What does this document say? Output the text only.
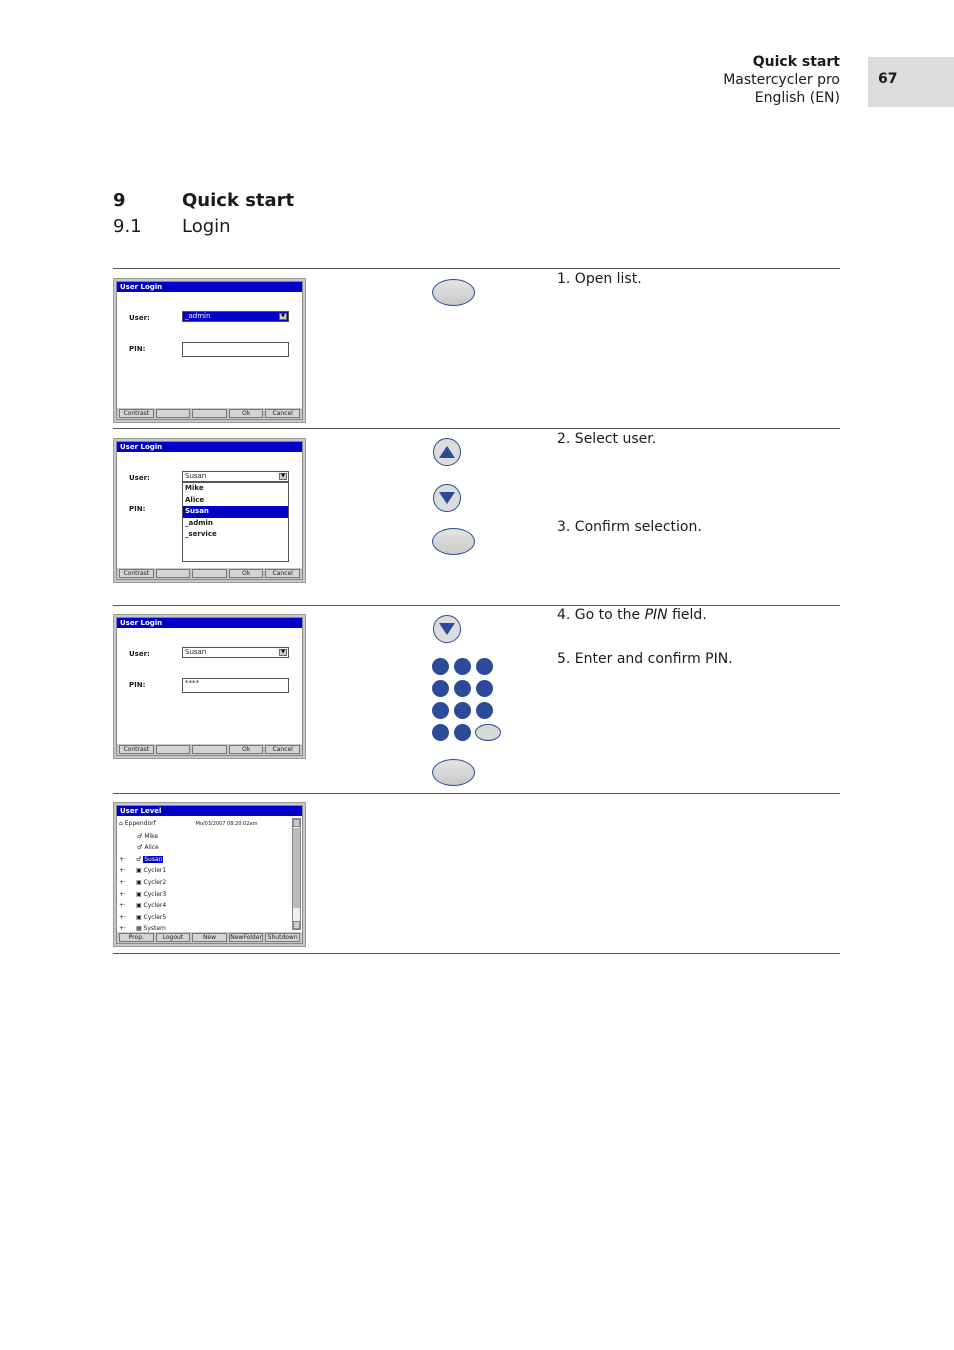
Quick start
Mastercycler pro
English (EN)
67
9	Quick start
9.1 Login
User Login
User:	_admin	▼
PIN:
Contrast	Ok	Cancel
User Login
User:	Susan	▼
Mike
Alice
Susan
_admin
_service
PIN:
Contrast	Ok	Cancel
User Login
User:	Susan	▼
PIN:	****
Contrast	Ok	Cancel
User Level
⌂ Eppendorf	Mo/03/2007 08:20:02am
♂ Mike
♂ Alice
+· ♂ Susan
+· ▣ Cycler1
+· ▣ Cycler2
+· ▣ Cycler3
+· ▣ Cycler4
+· ▣ Cycler5
+· ▦ System
Prop.	Logout	New	NewFolder Shutdown
1. Open list.
2. Select user.
3. Confirm selection.
4. Go to the PIN field.
5. Enter and confirm PIN.
